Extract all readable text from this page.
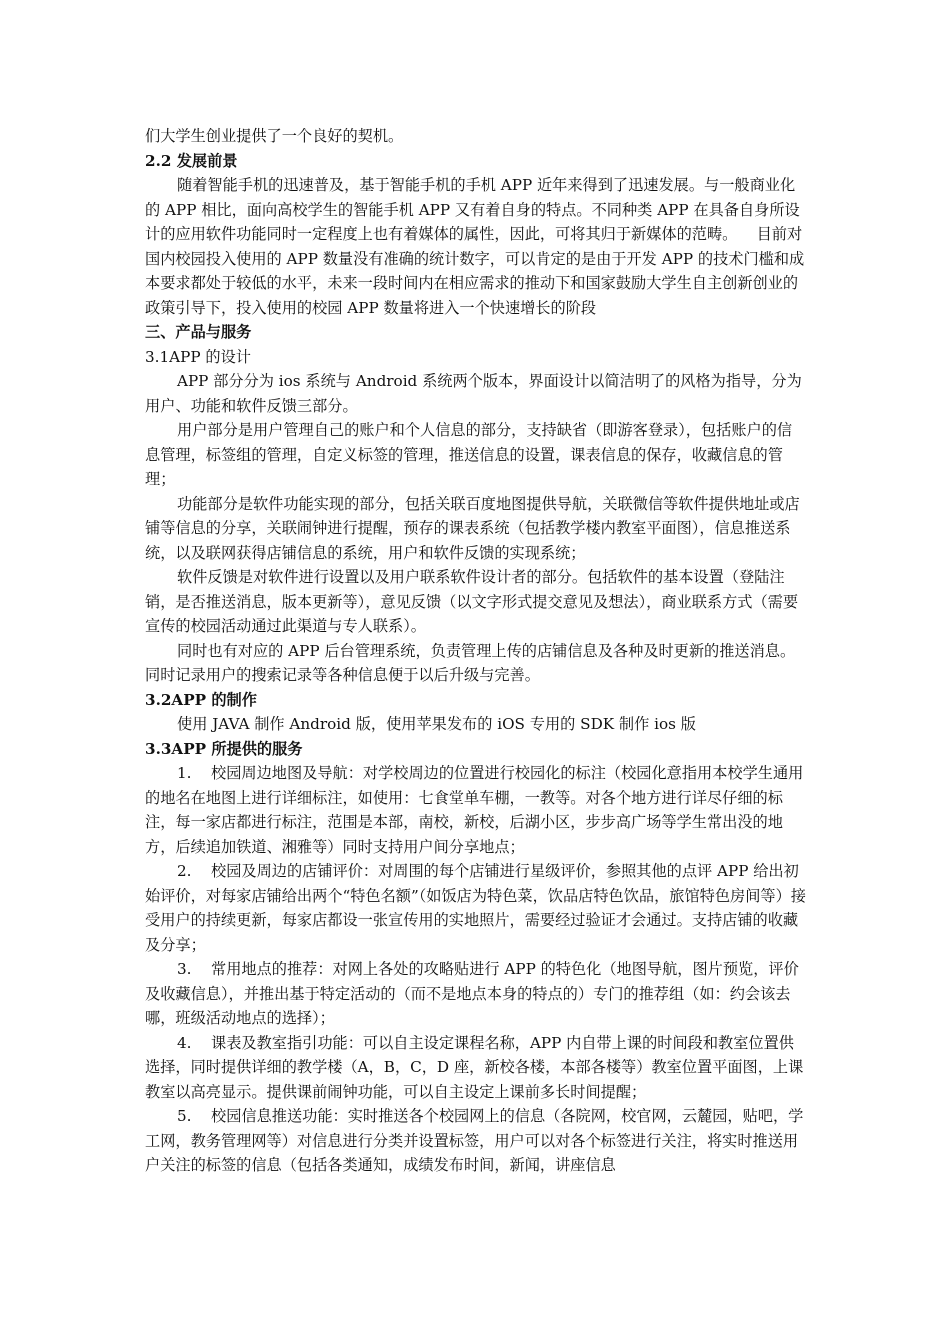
们大学生创业提供了一个良好的契机。

2.2 发展前景

随着智能手机的迅速普及，基于智能手机的手机 APP 近年来得到了迅速发展。与一般商业化的 APP 相比，面向高校学生的智能手机 APP 又有着自身的特点。不同种类 APP 在具备自身所设计的应用软件功能同时一定程度上也有着媒体的属性，因此，可将其归于新媒体的范畴。    目前对国内校园投入使用的 APP 数量没有准确的统计数字，可以肯定的是由于开发 APP 的技术门槛和成本要求都处于较低的水平，未来一段时间内在相应需求的推动下和国家鼓励大学生自主创新创业的政策引导下，投入使用的校园 APP 数量将进入一个快速增长的阶段

三、产品与服务

3.1APP 的设计

APP 部分分为 ios 系统与 Android 系统两个版本，界面设计以简洁明了的风格为指导，分为用户、功能和软件反馈三部分。

用户部分是用户管理自己的账户和个人信息的部分，支持缺省（即游客登录），包括账户的信息管理，标签组的管理，自定义标签的管理，推送信息的设置，课表信息的保存，收藏信息的管理；

功能部分是软件功能实现的部分，包括关联百度地图提供导航，关联微信等软件提供地址或店铺等信息的分享，关联闹钟进行提醒，预存的课表系统（包括教学楼内教室平面图），信息推送系统，以及联网获得店铺信息的系统，用户和软件反馈的实现系统；

软件反馈是对软件进行设置以及用户联系软件设计者的部分。包括软件的基本设置（登陆注销，是否推送消息，版本更新等），意见反馈（以文字形式提交意见及想法），商业联系方式（需要宣传的校园活动通过此渠道与专人联系）。

同时也有对应的 APP 后台管理系统，负责管理上传的店铺信息及各种及时更新的推送消息。同时记录用户的搜索记录等各种信息便于以后升级与完善。

3.2APP 的制作

使用 JAVA 制作 Android 版，使用苹果发布的 iOS 专用的 SDK 制作 ios 版

3.3APP 所提供的服务

1. 校园周边地图及导航：对学校周边的位置进行校园化的标注（校园化意指用本校学生通用的地名在地图上进行详细标注，如使用：七食堂单车棚，一教等。对各个地方进行详尽仔细的标注，每一家店都进行标注，范围是本部，南校，新校，后湖小区，步步高广场等学生常出没的地方，后续追加铁道、湘雅等）同时支持用户间分享地点；

2. 校园及周边的店铺评价：对周围的每个店铺进行星级评价，参照其他的点评 APP 给出初始评价，对每家店铺给出两个“特色名额”（如饭店为特色菜，饮品店特色饮品，旅馆特色房间等）接受用户的持续更新，每家店都设一张宣传用的实地照片，需要经过验证才会通过。支持店铺的收藏及分享；

3. 常用地点的推荐：对网上各处的攻略贴进行 APP 的特色化（地图导航，图片预览，评价及收藏信息），并推出基于特定活动的（而不是地点本身的特点的）专门的推荐组（如：约会该去哪，班级活动地点的选择）；

4. 课表及教室指引功能：可以自主设定课程名称，APP 内自带上课的时间段和教室位置供选择，同时提供详细的教学楼（A，B，C，D 座，新校各楼，本部各楼等）教室位置平面图，上课教室以高亮显示。提供课前闹钟功能，可以自主设定上课前多长时间提醒；

5. 校园信息推送功能：实时推送各个校园网上的信息（各院网，校官网，云麓园，贴吧，学工网，教务管理网等）对信息进行分类并设置标签，用户可以对各个标签进行关注，将实时推送用户关注的标签的信息（包括各类通知，成绩发布时间，新闻，讲座信息
